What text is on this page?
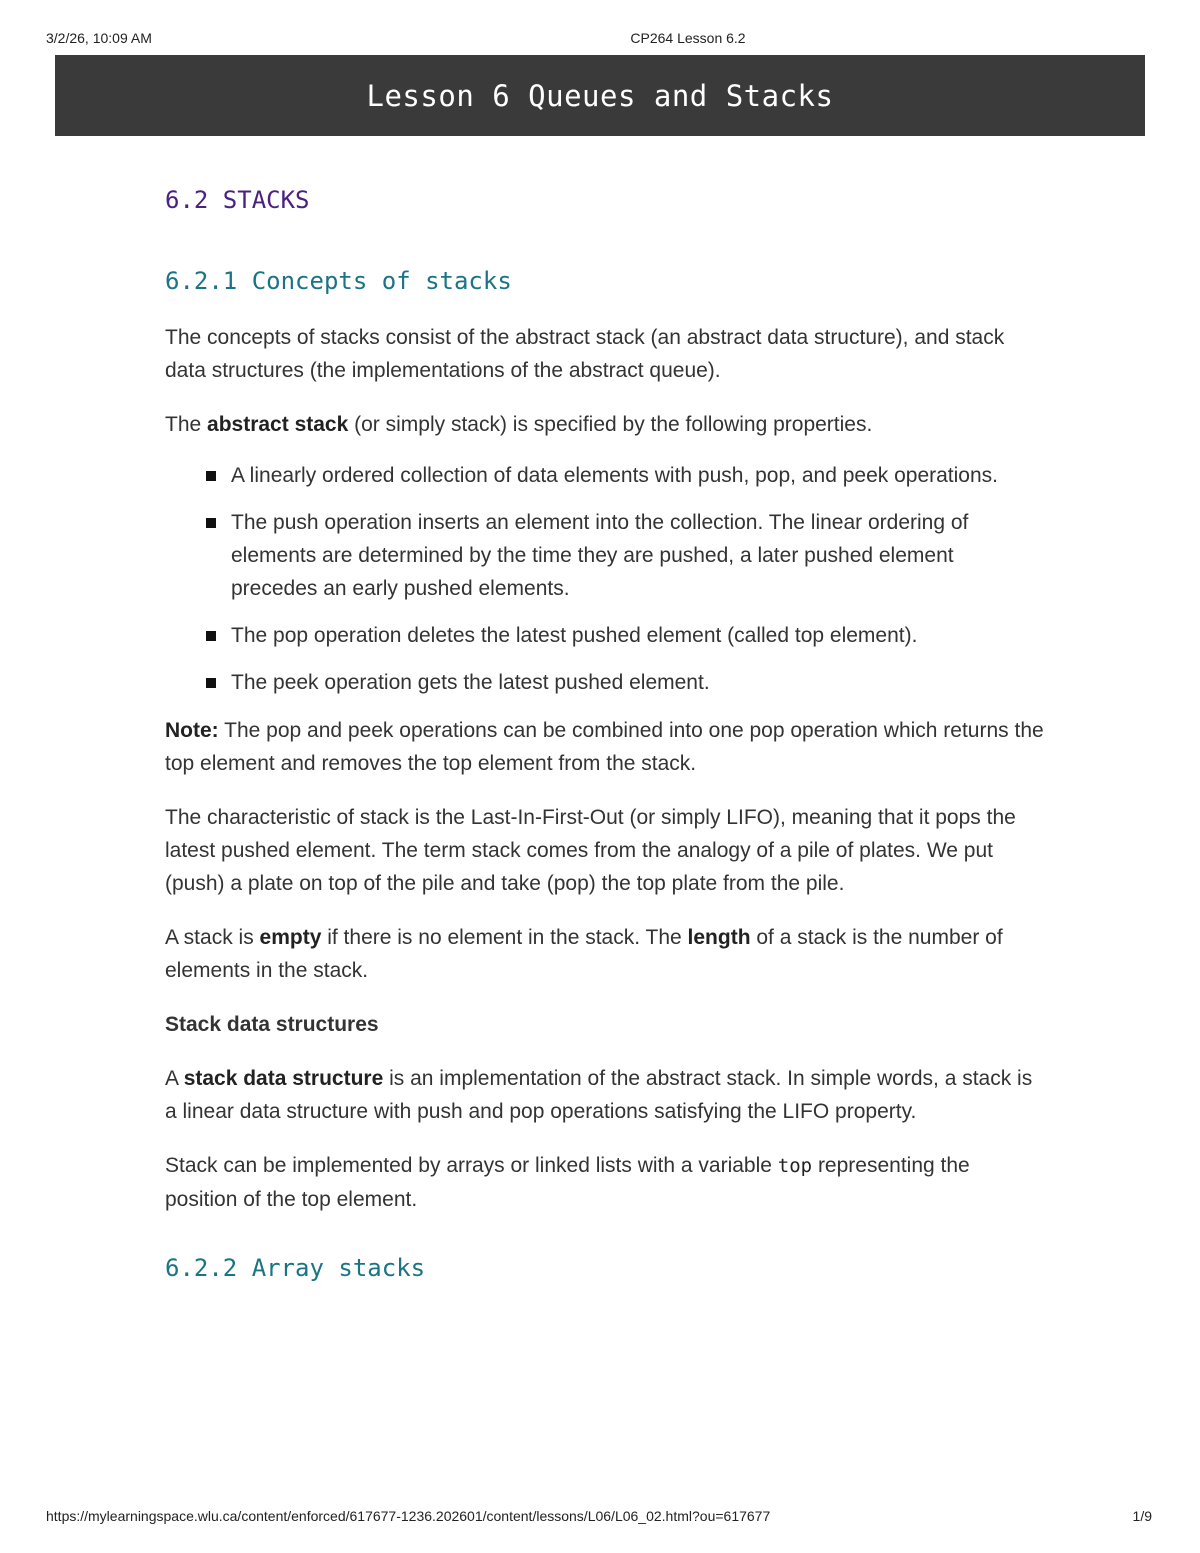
3/2/26, 10:09 AM	CP264 Lesson 6.2
Lesson 6 Queues and Stacks
6.2 STACKS
6.2.1 Concepts of stacks

The concepts of stacks consist of the abstract stack (an abstract data structure), and stack data structures (the implementations of the abstract queue).

The abstract stack (or simply stack) is specified by the following properties.

A linearly ordered collection of data elements with push, pop, and peek operations.
The push operation inserts an element into the collection. The linear ordering of elements are determined by the time they are pushed, a later pushed element precedes an early pushed elements.
The pop operation deletes the latest pushed element (called top element).
The peek operation gets the latest pushed element.

Note: The pop and peek operations can be combined into one pop operation which returns the top element and removes the top element from the stack.

The characteristic of stack is the Last-In-First-Out (or simply LIFO), meaning that it pops the latest pushed element. The term stack comes from the analogy of a pile of plates. We put (push) a plate on top of the pile and take (pop) the top plate from the pile.

A stack is empty if there is no element in the stack. The length of a stack is the number of elements in the stack.

Stack data structures

A stack data structure is an implementation of the abstract stack. In simple words, a stack is a linear data structure with push and pop operations satisfying the LIFO property.

Stack can be implemented by arrays or linked lists with a variable top representing the position of the top element.

6.2.2 Array stacks
https://mylearningspace.wlu.ca/content/enforced/617677-1236.202601/content/lessons/L06/L06_02.html?ou=617677	1/9
